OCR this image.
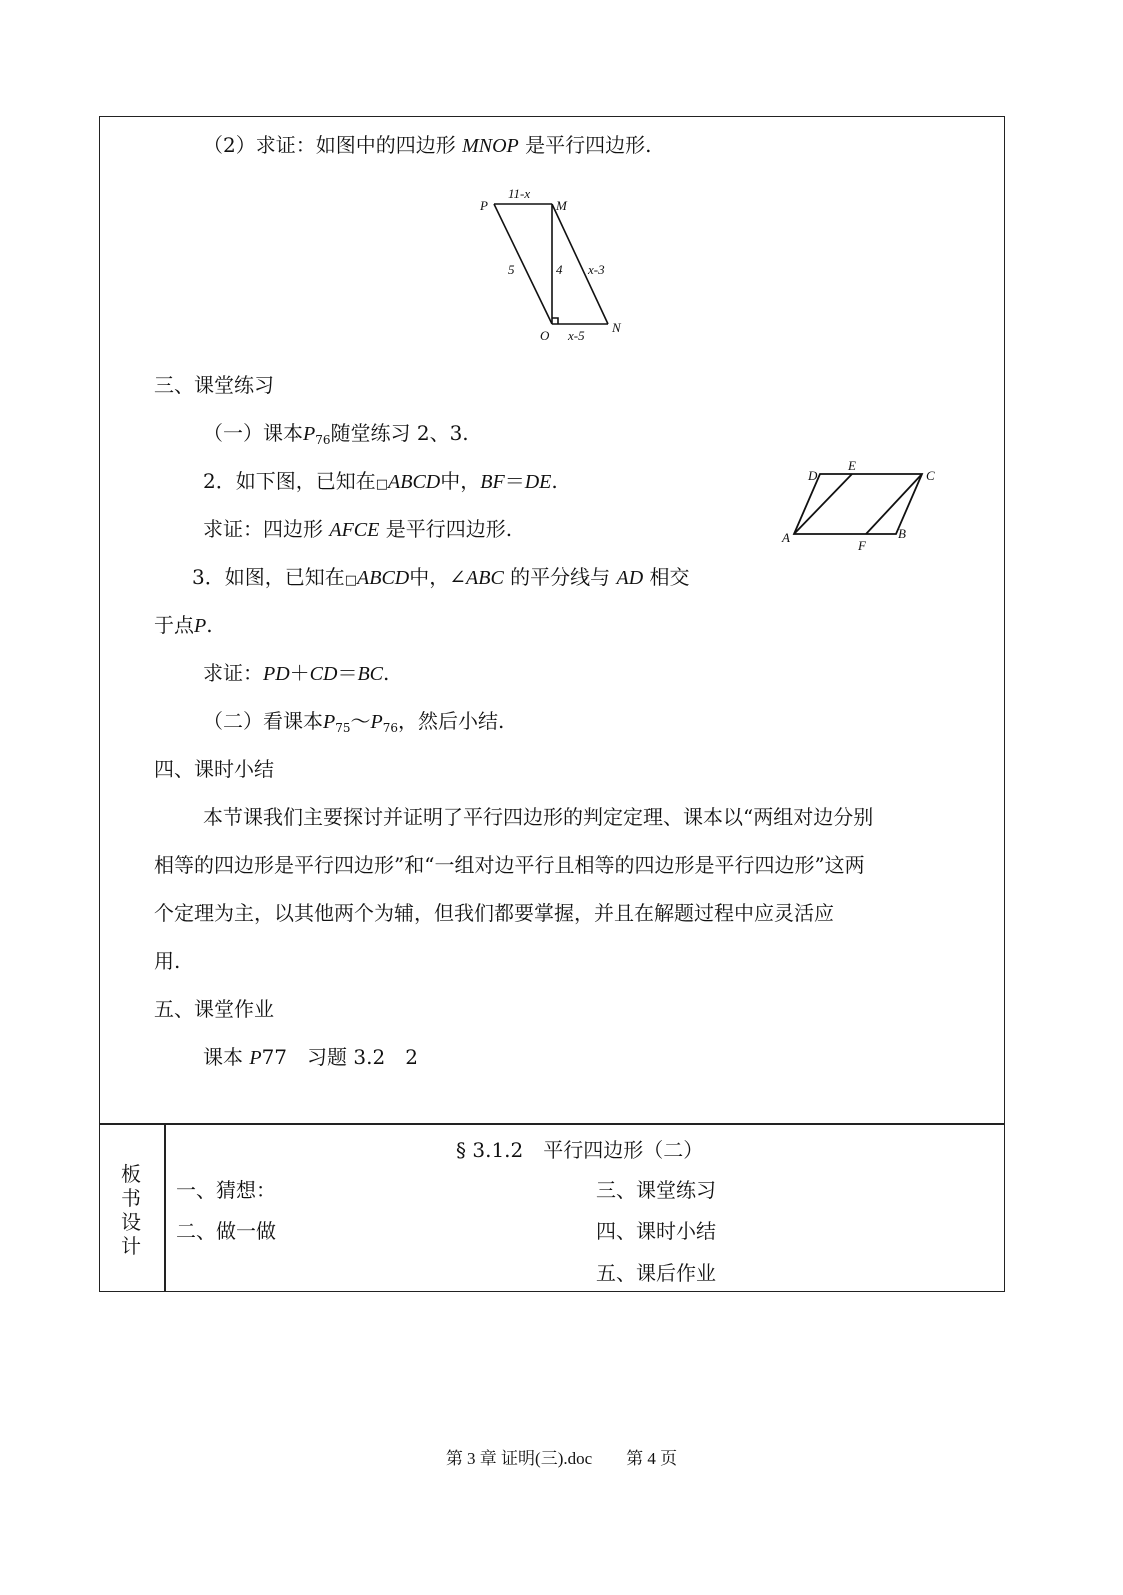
（2）求证：如图中的四边形 MNOP 是平行四边形.
P	M
O
N
11-x
5	4 x-3
x-5
三、课堂练习
（一）课本$P_{76}$随堂练习 2、3.
2．如下图，已知在□ABCD中，BF＝DE.
求证：四边形 AFCE 是平行四边形.	A	B
C
D
E
F
3．如图，已知在□ABCD中，∠ABC 的平分线与 AD 相交
于点P.
求证：PD＋CD＝BC.
（二）看课本$P_{75}\sim P_{76}$，然后小结.
四、课时小结
本节课我们主要探讨并证明了平行四边形的判定定理、课本以“两组对边分别
相等的四边形是平行四边形”和“一组对边平行且相等的四边形是平行四边形”这两
个定理为主，以其他两个为辅，但我们都要掌握，并且在解题过程中应灵活应
用.
五、课堂作业
课本 P77　习题 3.2　2
板
书
设
计
§ 3.1.2　平行四边形（二）
一、猜想：
二、做一做
三、课堂练习
四、课时小结
五、课后作业
第 3 章 证明(三).doc　　第 4 页
